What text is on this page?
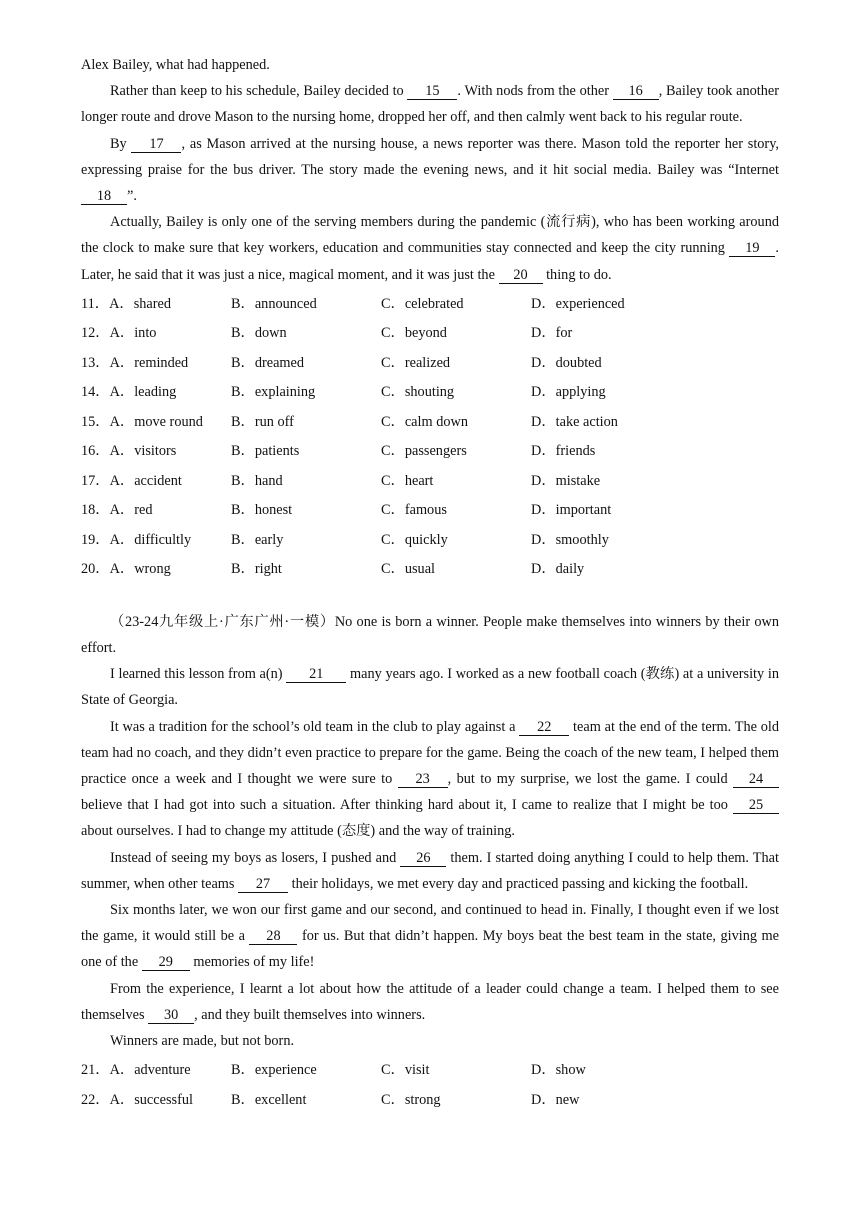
Alex Bailey, what had happened.

Rather than keep to his schedule, Bailey decided to 15 . With nods from the other 16 , Bailey took another longer route and drove Mason to the nursing home, dropped her off, and then calmly went back to his regular route.

By 17 , as Mason arrived at the nursing house, a news reporter was there. Mason told the reporter her story, expressing praise for the bus driver. The story made the evening news, and it hit social media. Bailey was “Internet 18 ”.

Actually, Bailey is only one of the serving members during the pandemic (流行病), who has been working around the clock to make sure that key workers, education and communities stay connected and keep the city running 19 . Later, he said that it was just a nice, magical moment, and it was just the 20 thing to do.

11．A．shared	B．announced	C．celebrated	D．experienced
12．A．into	B．down	C．beyond	D．for
13．A．reminded	B．dreamed	C．realized	D．doubted
14．A．leading	B．explaining	C．shouting	D．applying
15．A．move round	B．run off	C．calm down	D．take action
16．A．visitors	B．patients	C．passengers	D．friends
17．A．accident	B．hand	C．heart	D．mistake
18．A．red	B．honest	C．famous	D．important
19．A．difficultly	B．early	C．quickly	D．smoothly
20．A．wrong	B．right	C．usual	D．daily

（23-24九年级上·广东广州·一模）No one is born a winner. People make themselves into winners by their own effort.

I learned this lesson from a(n) 21 many years ago. I worked as a new football coach (教练) at a university in State of Georgia.

It was a tradition for the school’s old team in the club to play against a 22 team at the end of the term. The old team had no coach, and they didn’t even practice to prepare for the game. Being the coach of the new team, I helped them practice once a week and I thought we were sure to 23 , but to my surprise, we lost the game. I could 24 believe that I had got into such a situation. After thinking hard about it, I came to realize that I might be too 25 about ourselves. I had to change my attitude (态度) and the way of training.

Instead of seeing my boys as losers, I pushed and 26 them. I started doing anything I could to help them. That summer, when other teams 27 their holidays, we met every day and practiced passing and kicking the football.

Six months later, we won our first game and our second, and continued to head in. Finally, I thought even if we lost the game, it would still be a 28 for us. But that didn’t happen. My boys beat the best team in the state, giving me one of the 29 memories of my life!

From the experience, I learnt a lot about how the attitude of a leader could change a team. I helped them to see themselves 30 , and they built themselves into winners.

Winners are made, but not born.

21．A．adventure	B．experience	C．visit	D．show
22．A．successful	B．excellent	C．strong	D．new
